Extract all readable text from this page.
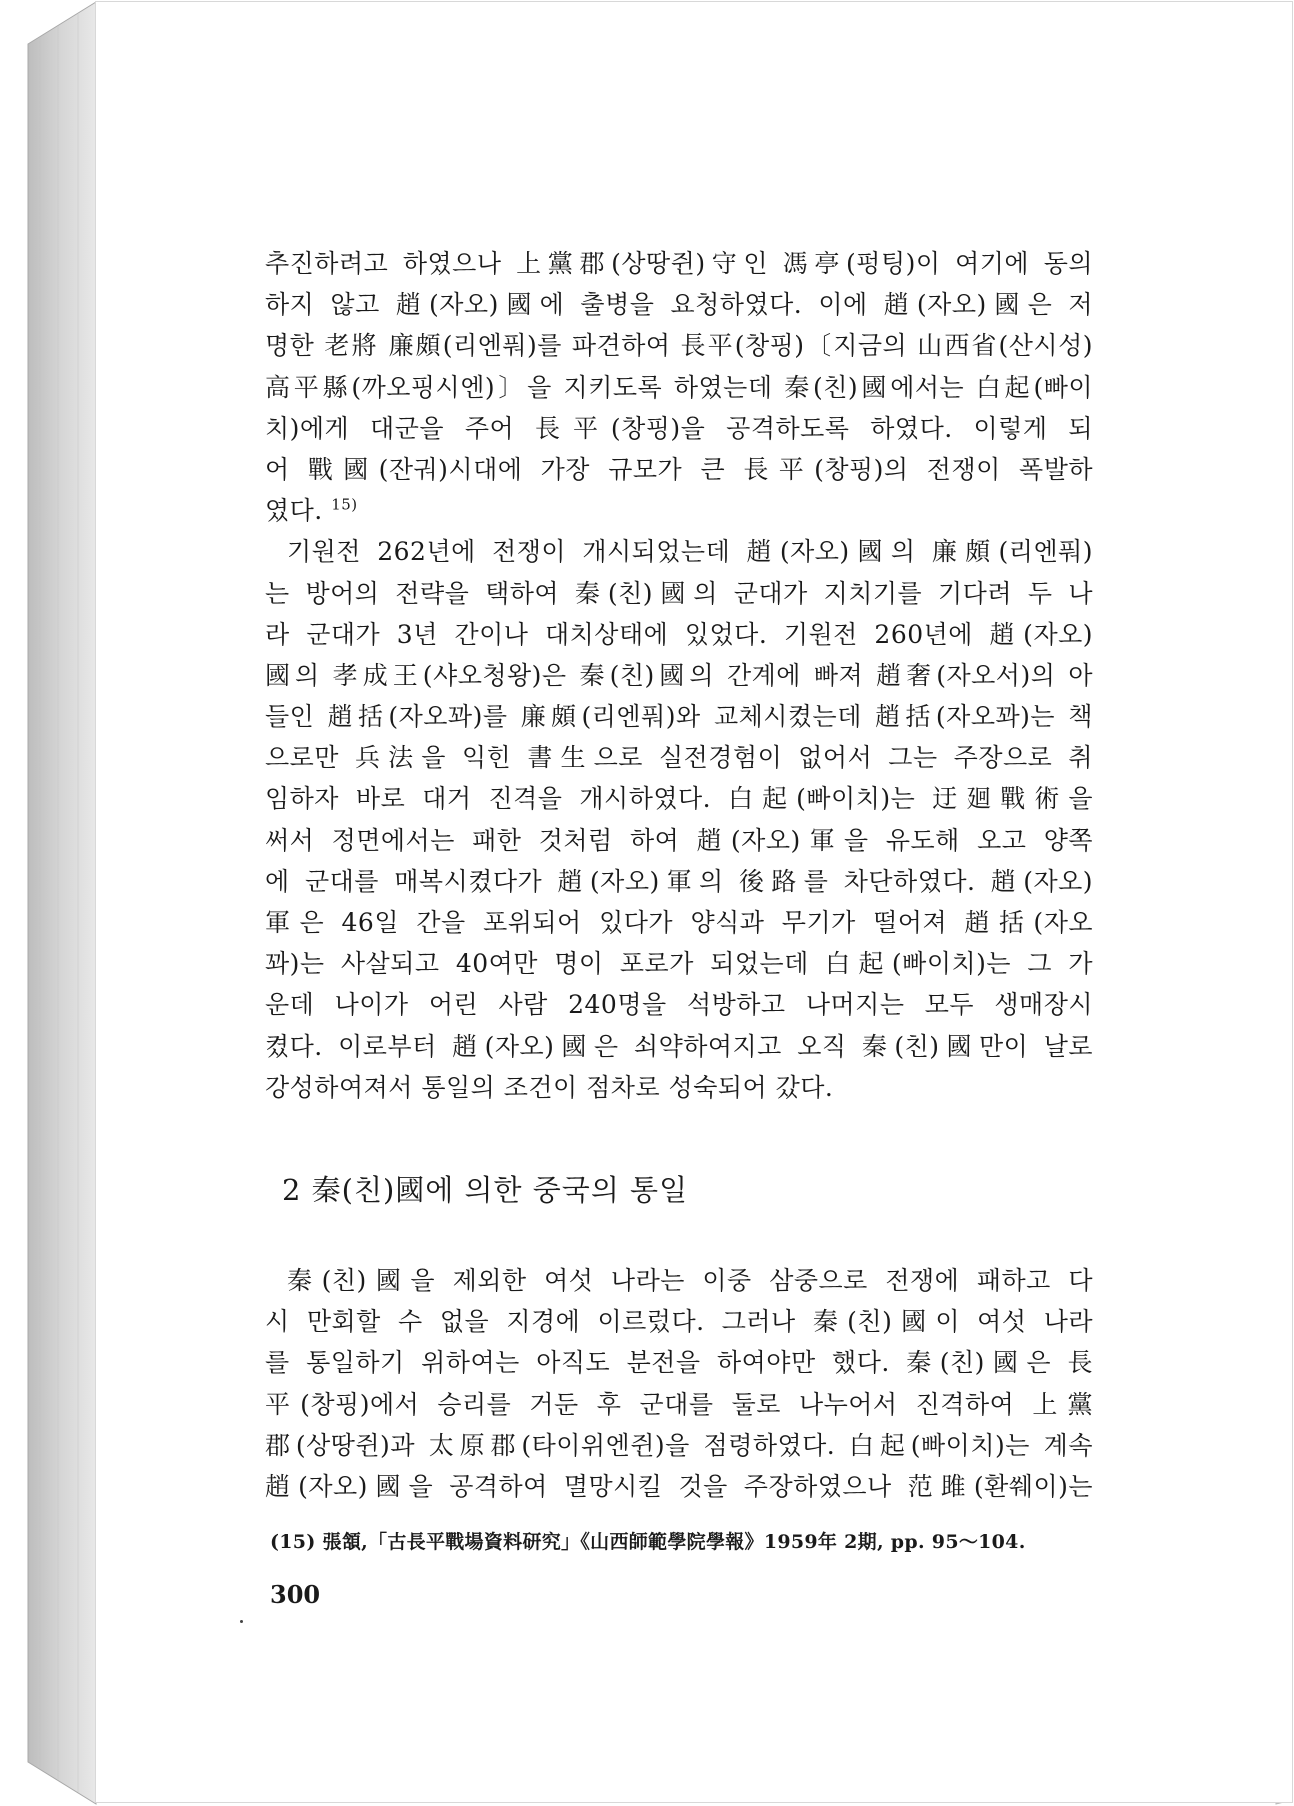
추진하려고 하였으나 上黨郡(상땅쥔)守인 馮亭(펑팅)이 여기에 동의
하지 않고 趙(자오)國에 출병을 요청하였다. 이에 趙(자오)國은 저
명한 老將 廉頗(리엔풔)를 파견하여 長平(창핑)〔지금의 山西省(산시성)
高平縣(까오핑시엔)〕을 지키도록 하였는데 秦(친)國에서는 白起(빠이
치)에게 대군을 주어 長平(창핑)을 공격하도록 하였다. 이렇게 되
어 戰國(잔궈)시대에 가장 규모가 큰 長平(창핑)의 전쟁이 폭발하
였다. $^{15)}$
기원전 262년에 전쟁이 개시되었는데 趙(자오)國의 廉頗(리엔풔)
는 방어의 전략을 택하여 秦(친)國의 군대가 지치기를 기다려 두 나
라 군대가 3년 간이나 대치상태에 있었다. 기원전 260년에 趙(자오)
國의 孝成王(샤오청왕)은 秦(친)國의 간계에 빠져 趙奢(자오서)의 아
들인 趙括(자오꽈)를 廉頗(리엔풔)와 교체시켰는데 趙括(자오꽈)는 책
으로만 兵法을 익힌 書生으로 실전경험이 없어서 그는 주장으로 취
임하자 바로 대거 진격을 개시하였다. 白起(빠이치)는 迂廻戰術을
써서 정면에서는 패한 것처럼 하여 趙(자오)軍을 유도해 오고 양쪽
에 군대를 매복시켰다가 趙(자오)軍의 後路를 차단하였다. 趙(자오)
軍은 46일 간을 포위되어 있다가 양식과 무기가 떨어져 趙括(자오
꽈)는 사살되고 40여만 명이 포로가 되었는데 白起(빠이치)는 그 가
운데 나이가 어린 사람 240명을 석방하고 나머지는 모두 생매장시
켰다. 이로부터 趙(자오)國은 쇠약하여지고 오직 秦(친)國만이 날로
강성하여져서 통일의 조건이 점차로 성숙되어 갔다.
2 秦(친)國에 의한 중국의 통일
秦(친)國을 제외한 여섯 나라는 이중 삼중으로 전쟁에 패하고 다
시 만회할 수 없을 지경에 이르렀다. 그러나 秦(친)國이 여섯 나라
를 통일하기 위하여는 아직도 분전을 하여야만 했다. 秦(친)國은 長
平(창핑)에서 승리를 거둔 후 군대를 둘로 나누어서 진격하여 上黨
郡(상땅쥔)과 太原郡(타이위엔쥔)을 점령하였다. 白起(빠이치)는 계속
趙(자오)國을 공격하여 멸망시킬 것을 주장하였으나 范雎(환쒜이)는
(15) 張頷,「古長平戰場資料研究」《山西師範學院學報》1959年 2期, pp. 95～104.
300
